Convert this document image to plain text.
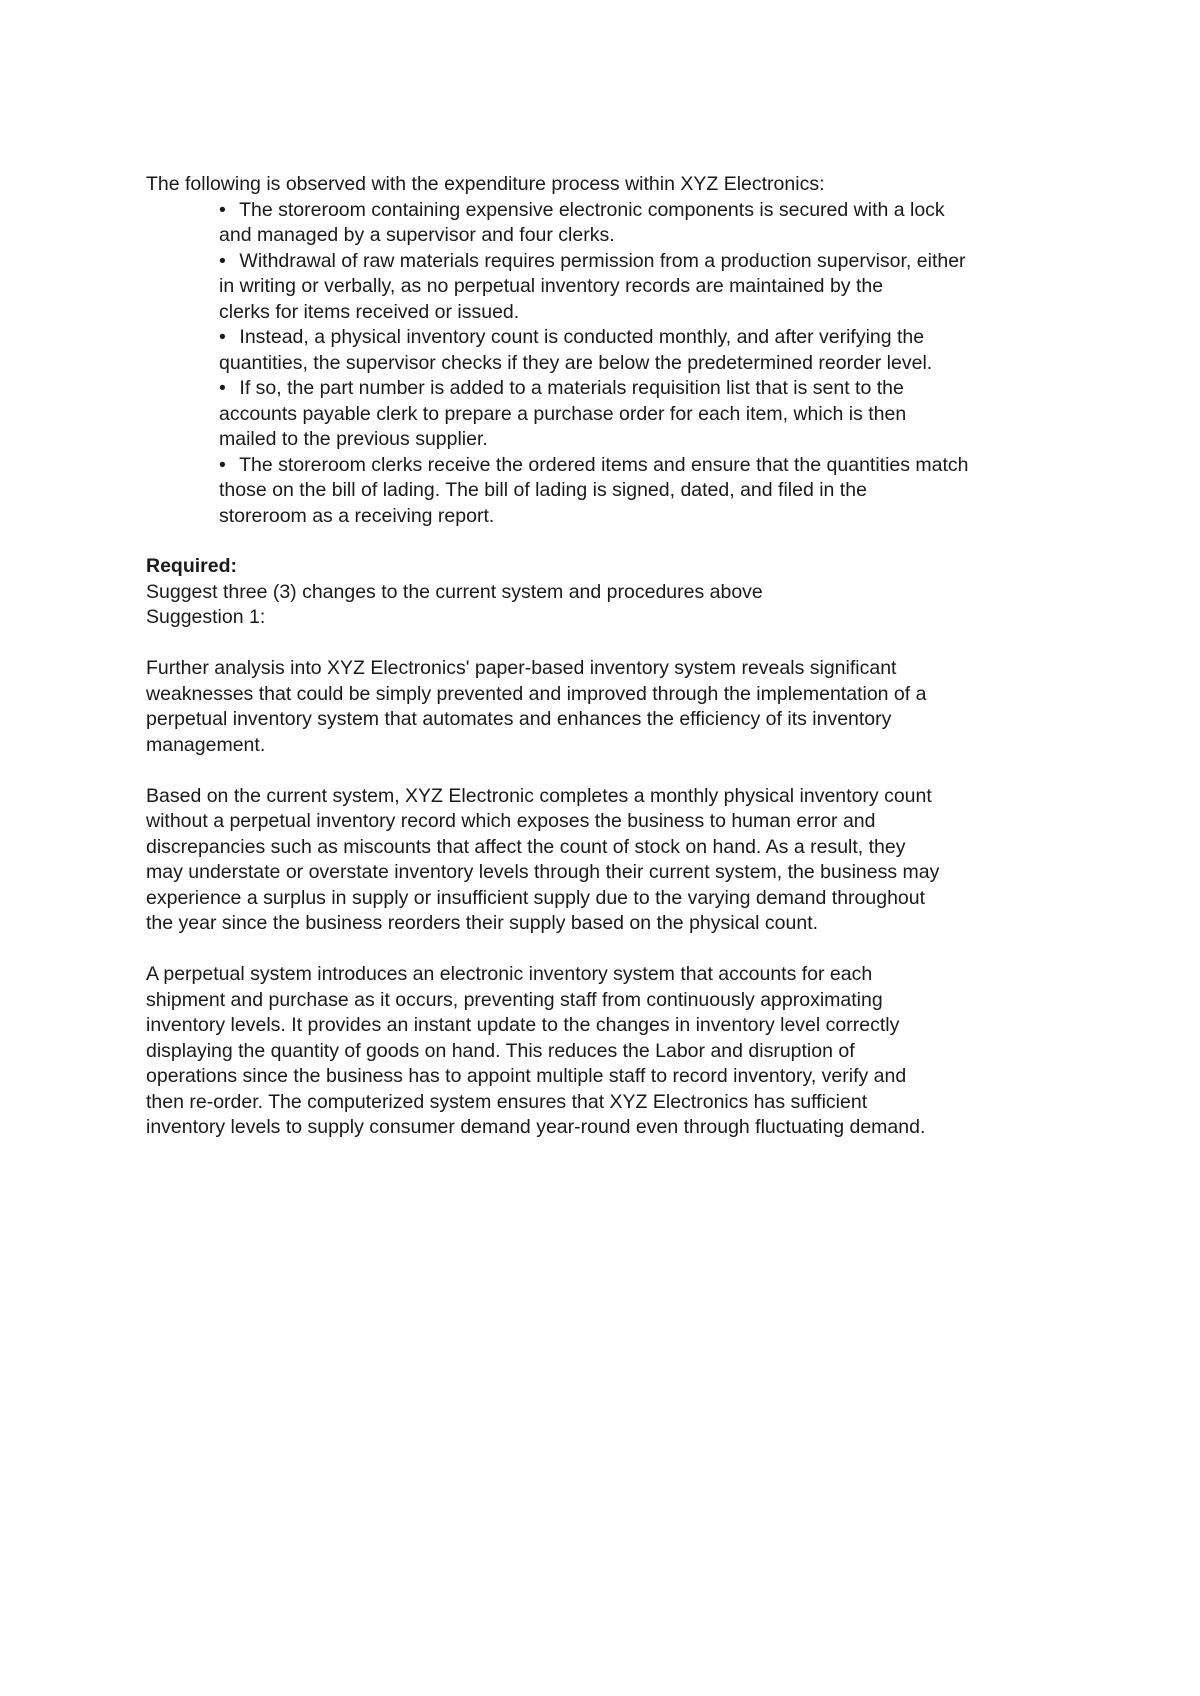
The following is observed with the expenditure process within XYZ Electronics:

• The storeroom containing expensive electronic components is secured with a lock
and managed by a supervisor and four clerks.
• Withdrawal of raw materials requires permission from a production supervisor, either
in writing or verbally, as no perpetual inventory records are maintained by the
clerks for items received or issued.
• Instead, a physical inventory count is conducted monthly, and after verifying the
quantities, the supervisor checks if they are below the predetermined reorder level.
• If so, the part number is added to a materials requisition list that is sent to the
accounts payable clerk to prepare a purchase order for each item, which is then
mailed to the previous supplier.
• The storeroom clerks receive the ordered items and ensure that the quantities match
those on the bill of lading. The bill of lading is signed, dated, and filed in the
storeroom as a receiving report.
Required:
Suggest three (3) changes to the current system and procedures above
Suggestion 1:
Further analysis into XYZ Electronics' paper-based inventory system reveals significant
weaknesses that could be simply prevented and improved through the implementation of a
perpetual inventory system that automates and enhances the efficiency of its inventory
management.
Based on the current system, XYZ Electronic completes a monthly physical inventory count
without a perpetual inventory record which exposes the business to human error and
discrepancies such as miscounts that affect the count of stock on hand. As a result, they
may understate or overstate inventory levels through their current system, the business may
experience a surplus in supply or insufficient supply due to the varying demand throughout
the year since the business reorders their supply based on the physical count.
A perpetual system introduces an electronic inventory system that accounts for each
shipment and purchase as it occurs, preventing staff from continuously approximating
inventory levels. It provides an instant update to the changes in inventory level correctly
displaying the quantity of goods on hand. This reduces the Labor and disruption of
operations since the business has to appoint multiple staff to record inventory, verify and
then re-order. The computerized system ensures that XYZ Electronics has sufficient
inventory levels to supply consumer demand year-round even through fluctuating demand.
